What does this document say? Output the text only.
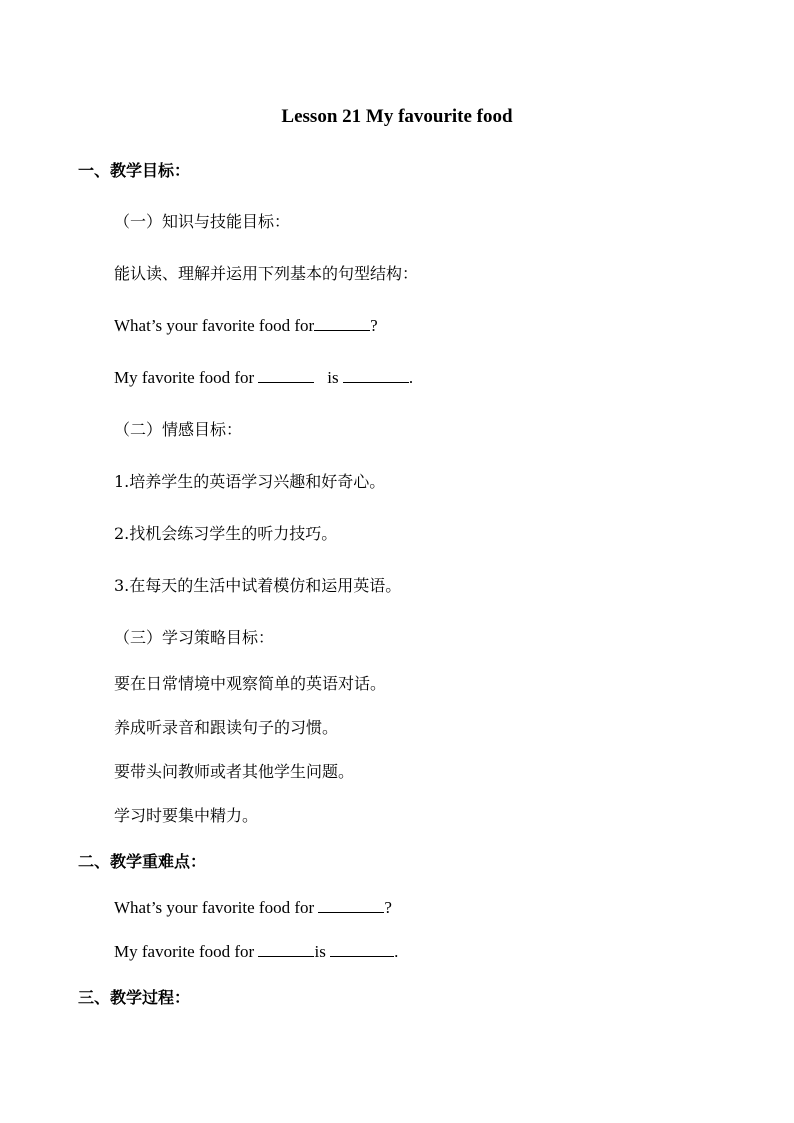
Lesson 21 My favourite food
一、教学目标：
（一）知识与技能目标：
能认读、理解并运用下列基本的句型结构：
What’s your favorite food for	?
My favorite food for	is	.
（二）情感目标：
1.培养学生的英语学习兴趣和好奇心。
2.找机会练习学生的听力技巧。
3.在每天的生活中试着模仿和运用英语。
（三）学习策略目标：
要在日常情境中观察简单的英语对话。
养成听录音和跟读句子的习惯。
要带头问教师或者其他学生问题。
学习时要集中精力。
二、教学重难点：
What’s your favorite food for	?
My favorite food for	is	.
三、教学过程：
